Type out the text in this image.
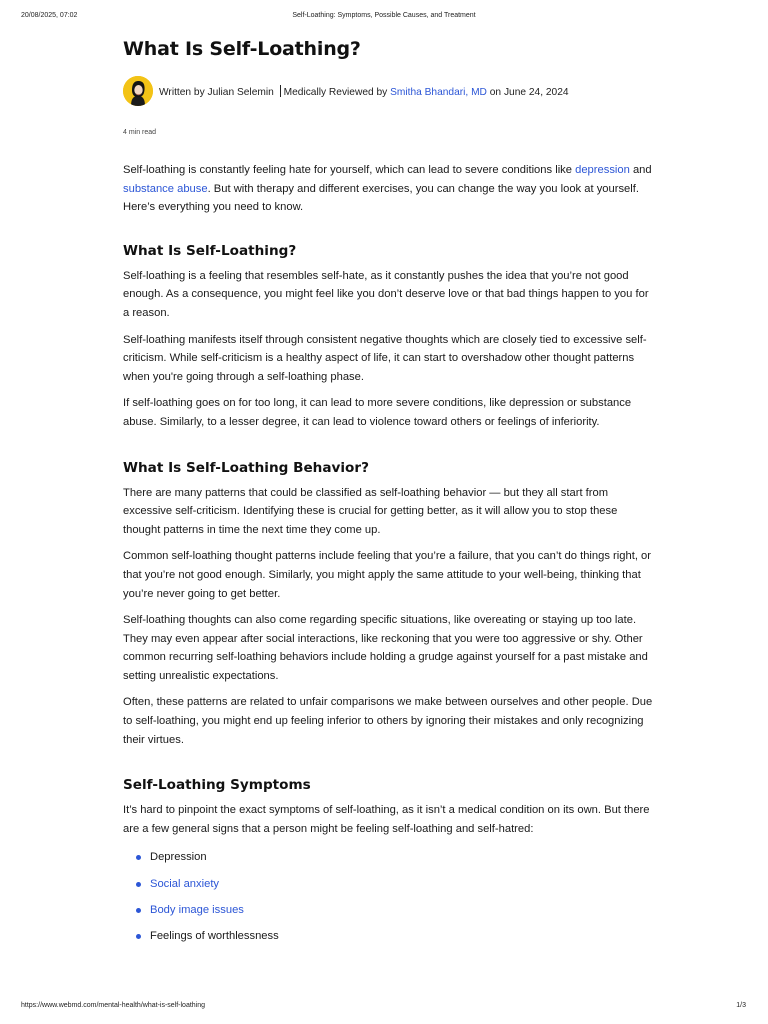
20/08/2025, 07:02	Self-Loathing: Symptoms, Possible Causes, and Treatment
What Is Self-Loathing?
Written by Julian Selemin Medically Reviewed by Smitha Bhandari, MD on June 24, 2024
4 min read

Self-loathing is constantly feeling hate for yourself, which can lead to severe conditions like depression and substance abuse. But with therapy and different exercises, you can change the way you look at yourself. Here’s everything you need to know.

What Is Self-Loathing?

Self-loathing is a feeling that resembles self-hate, as it constantly pushes the idea that you’re not good enough. As a consequence, you might feel like you don’t deserve love or that bad things happen to you for a reason.

Self-loathing manifests itself through consistent negative thoughts which are closely tied to excessive self-criticism. While self-criticism is a healthy aspect of life, it can start to overshadow other thought patterns when you're going through a self-loathing phase.

If self-loathing goes on for too long, it can lead to more severe conditions, like depression or substance abuse. Similarly, to a lesser degree, it can lead to violence toward others or feelings of inferiority.

What Is Self-Loathing Behavior?

There are many patterns that could be classified as self-loathing behavior — but they all start from excessive self-criticism. Identifying these is crucial for getting better, as it will allow you to stop these thought patterns in time the next time they come up.

Common self-loathing thought patterns include feeling that you’re a failure, that you can’t do things right, or that you’re not good enough. Similarly, you might apply the same attitude to your well-being, thinking that you’re never going to get better.

Self-loathing thoughts can also come regarding specific situations, like overeating or staying up too late. They may even appear after social interactions, like reckoning that you were too aggressive or shy. Other common recurring self-loathing behaviors include holding a grudge against yourself for a past mistake and setting unrealistic expectations.

Often, these patterns are related to unfair comparisons we make between ourselves and other people. Due to self-loathing, you might end up feeling inferior to others by ignoring their mistakes and only recognizing their virtues.

Self-Loathing Symptoms

It’s hard to pinpoint the exact symptoms of self-loathing, as it isn’t a medical condition on its own. But there are a few general signs that a person might be feeling self-loathing and self-hatred:

Depression
Social anxiety
Body image issues
Feelings of worthlessness
https://www.webmd.com/mental-health/what-is-self-loathing	1/3
